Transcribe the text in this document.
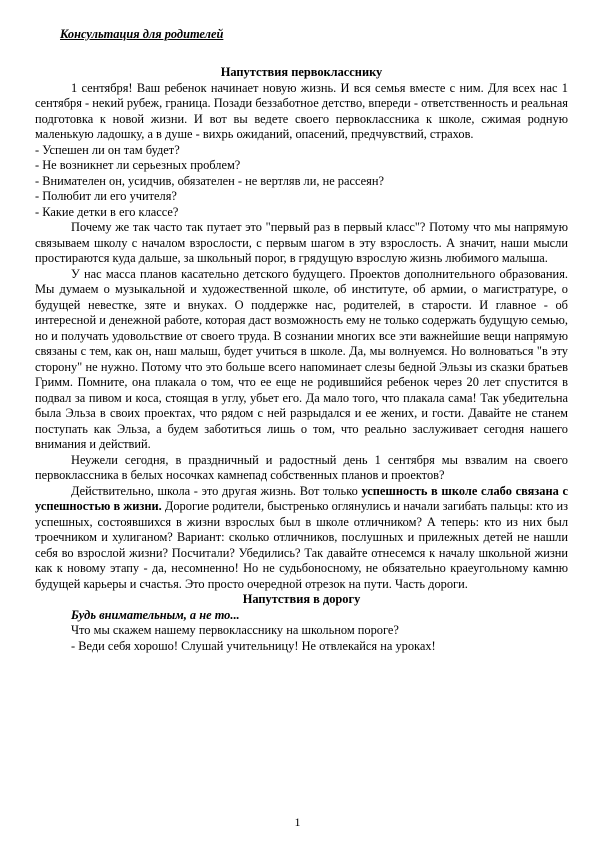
Консультация для родителей
Напутствия первокласснику

1 сентября! Ваш ребенок начинает новую жизнь. И вся семья вместе с ним. Для всех нас 1 сентября - некий рубеж, граница. Позади беззаботное детство, впереди - ответственность и реальная подготовка к новой жизни. И вот вы ведете своего первоклассника к школе, сжимая родную маленькую ладошку, а в душе - вихрь ожиданий, опасений, предчувствий, страхов.

- Успешен ли он там будет?

- Не возникнет ли серьезных проблем?

- Внимателен он, усидчив, обязателен - не вертляв ли, не рассеян?

- Полюбит ли его учителя?

- Какие детки в его классе?

Почему же так часто так путает это "первый раз в первый класс"? Потому что мы напрямую связываем школу с началом взрослости, с первым шагом в эту взрослость. А значит, наши мысли простираются куда дальше, за школьный порог, в грядущую взрослую жизнь любимого малыша.

У нас масса планов касательно детского будущего. Проектов дополнительного образования. Мы думаем о музыкальной и художественной школе, об институте, об армии, о магистратуре, о будущей невестке, зяте и внуках. О поддержке нас, родителей, в старости. И главное - об интересной и денежной работе, которая даст возможность ему не только содержать будущую семью, но и получать удовольствие от своего труда. В сознании многих все эти важнейшие вещи напрямую связаны с тем, как он, наш малыш, будет учиться в школе. Да, мы волнуемся. Но волноваться "в эту сторону" не нужно. Потому что это больше всего напоминает слезы бедной Эльзы из сказки братьев Гримм. Помните, она плакала о том, что ее еще не родившийся ребенок через 20 лет спустится в подвал за пивом и коса, стоящая в углу, убьет его. Да мало того, что плакала сама! Так убедительна была Эльза в своих проектах, что рядом с ней разрыдался и ее жених, и гости. Давайте не станем поступать как Эльза, а будем заботиться лишь о том, что реально заслуживает сегодня нашего внимания и действий.

Неужели сегодня, в праздничный и радостный день 1 сентября мы взвалим на своего первоклассника в белых носочках камнепад собственных планов и проектов?

Действительно, школа - это другая жизнь. Вот только успешность в школе слабо связана с успешностью в жизни. Дорогие родители, быстренько оглянулись и начали загибать пальцы: кто из успешных, состоявшихся в жизни взрослых был в школе отличником? А теперь: кто из них был троечником и хулиганом? Вариант: сколько отличников, послушных и прилежных детей не нашли себя во взрослой жизни? Посчитали? Убедились? Так давайте отнесемся к началу школьной жизни как к новому этапу - да, несомненно! Но не судьбоносному, не обязательно краеугольному камню будущей карьеры и счастья. Это просто очередной отрезок на пути. Часть дороги.

Напутствия в дорогу

Будь внимательным, а не то...

Что мы скажем нашему первокласснику на школьном пороге?

- Веди себя хорошо! Слушай учительницу! Не отвлекайся на уроках!

1
